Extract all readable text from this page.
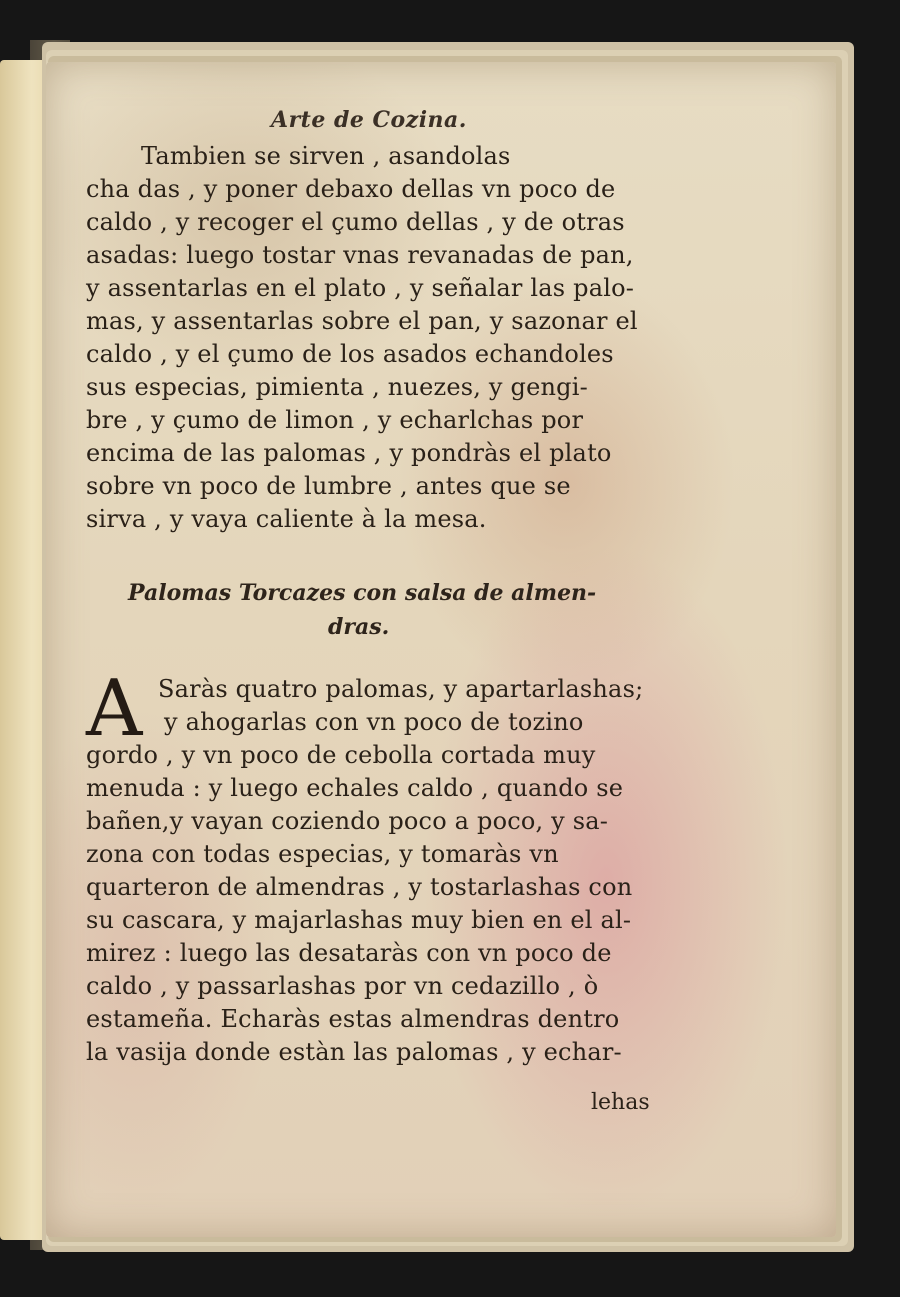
Arte de Cozina.
Tambien se sirven , asandolas
cha das , y poner debaxo dellas vn poco de
caldo , y recoger el çumo dellas , y de otras
asadas: luego tostar vnas revanadas de pan,
y assentarlas en el plato , y señalar las palo-
mas, y assentarlas sobre el pan, y sazonar el
caldo , y el çumo de los asados echandoles
sus especias, pimienta , nuezes, y gengi-
bre , y çumo de limon , y echarlchas por
encima de las palomas , y pondràs el plato
sobre vn poco de lumbre , antes que se
sirva , y vaya caliente à la mesa.
Palomas Torcazes con salsa de almen-
dras.
A Saràs quatro palomas, y apartarlashas;
y ahogarlas con vn poco de tozino
gordo , y vn poco de cebolla cortada muy
menuda : y luego echales caldo , quando se
bañen,y vayan coziendo poco a poco, y sa-
zona con todas especias, y tomaràs vn
quarteron de almendras , y tostarlashas con
su cascara, y majarlashas muy bien en el al-
mirez : luego las desataràs con vn poco de
caldo , y passarlashas por vn cedazillo , ò
estameña. Echaràs estas almendras dentro
la vasija donde estàn las palomas , y echar-
lehas
